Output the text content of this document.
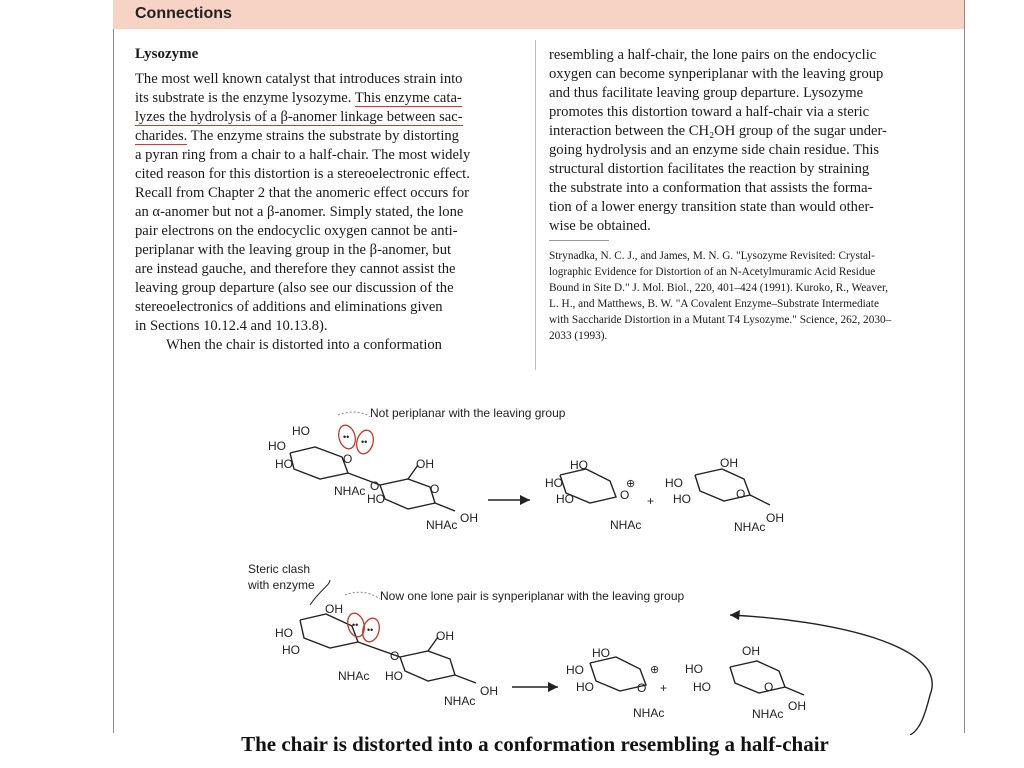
Connections
Lysozyme
The most well known catalyst that introduces strain into
its substrate is the enzyme lysozyme. This enzyme cata-
lyzes the hydrolysis of a β-anomer linkage between sac-
charides. The enzyme strains the substrate by distorting
a pyran ring from a chair to a half-chair. The most widely
cited reason for this distortion is a stereoelectronic effect.
Recall from Chapter 2 that the anomeric effect occurs for
an α-anomer but not a β-anomer. Simply stated, the lone
pair electrons on the endocyclic oxygen cannot be anti-
periplanar with the leaving group in the β-anomer, but
are instead gauche, and therefore they cannot assist the
leaving group departure (also see our discussion of the
stereoelectronics of additions and eliminations given
in Sections 10.12.4 and 10.13.8).
When the chair is distorted into a conformation
resembling a half-chair, the lone pairs on the endocyclic
oxygen can become synperiplanar with the leaving group
and thus facilitate leaving group departure. Lysozyme
promotes this distortion toward a half-chair via a steric
interaction between the CH₂OH group of the sugar under-
going hydrolysis and an enzyme side chain residue. This
structural distortion facilitates the reaction by straining
the substrate into a conformation that assists the forma-
tion of a lower energy transition state than would other-
wise be obtained.
Strynadka, N. C. J., and James, M. N. G. "Lysozyme Revisited: Crystal-
lographic Evidence for Distortion of an N-Acetylmuramic Acid Residue
Bound in Site D." J. Mol. Biol., 220, 401–424 (1991). Kuroko, R., Weaver,
L. H., and Matthews, B. W. "A Covalent Enzyme–Substrate Intermediate
with Saccharide Distortion in a Mutant T4 Lysozyme." Science, 262, 2030–
2033 (1993).
•• ••
•• ••
Not periplanar with the leaving group
Now one lone pair is synperiplanar with the leaving group
Steric clash
with enzyme
HO
HO
HO	O
NHAc O
HO
OH
O
NHAc OH
HO
HO
HO	O
⊕
NHAc
+
HO
HO
OH
O
NHAc
OH
OH
HO
HO
NHAc HO
O
OH
NHAc
OH
HO
HO
HO
⊕
O +
NHAc
HO
HO
OH
O
NHAc
OH
The chair is distorted into a conformation resembling a half-chair
